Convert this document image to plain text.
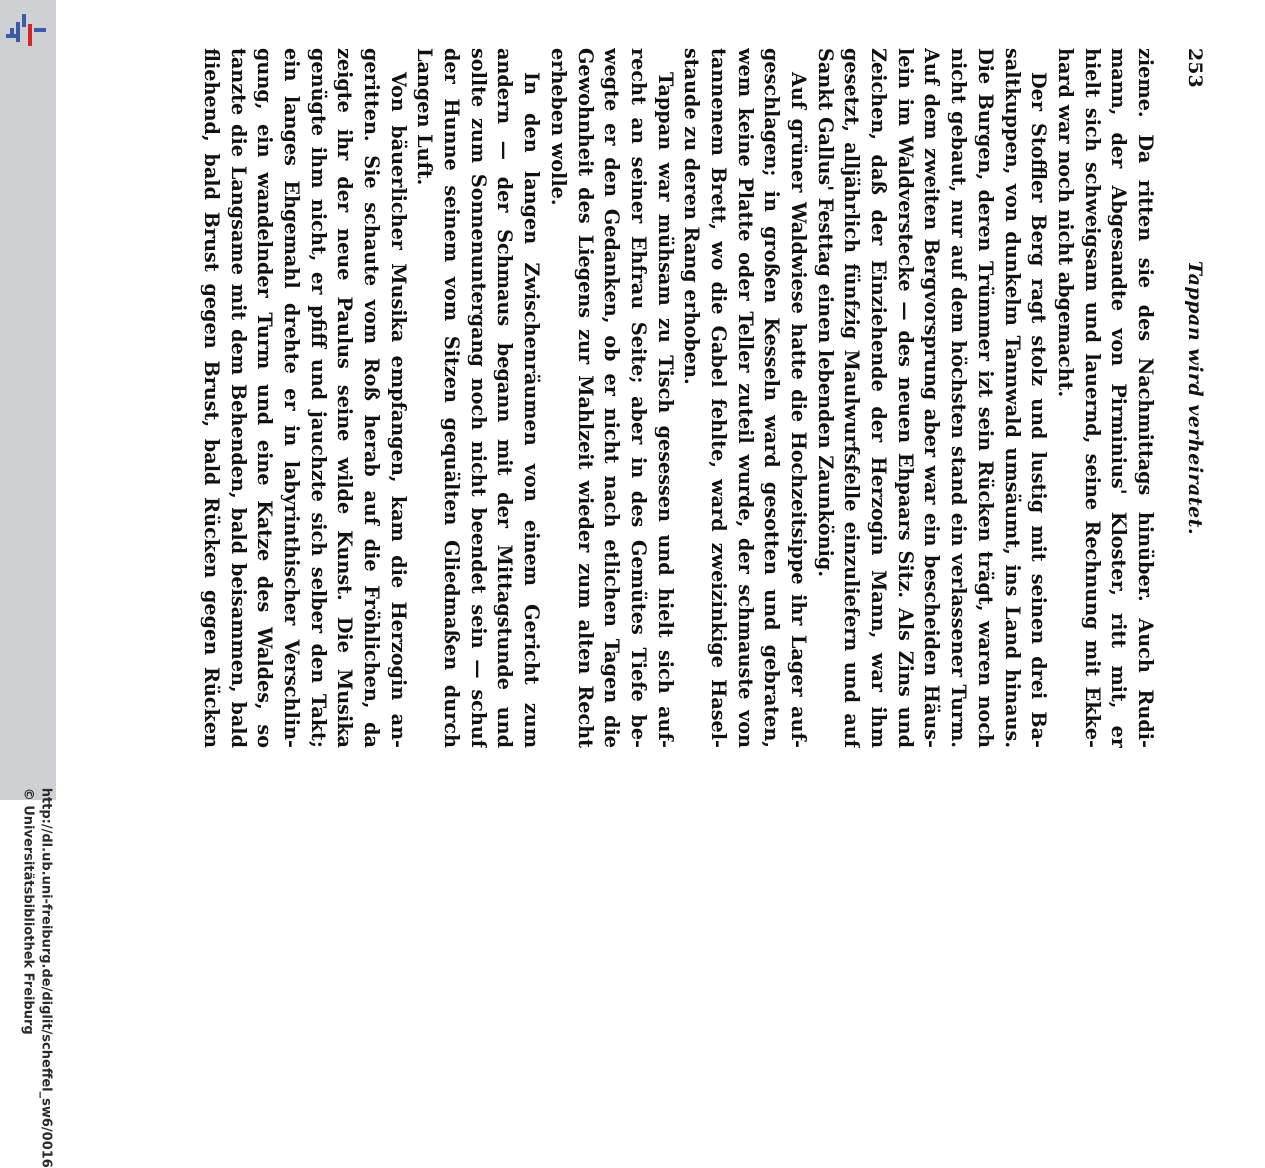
http://dl.ub.uni-freiburg.de/diglit/scheffel_sw6/0016
© Universitätsbibliothek Freiburg
Tappan wird verheiratet.
253
zieme. Da ritten sie des Nachmittags hinüber. Auch Rudi-
mann, der Abgesandte von Pirminius' Kloster, ritt mit, er
hielt sich schweigsam und lauernd, seine Rechnung mit Ekke-
hard war noch nicht abgemacht.
Der Stoffler Berg ragt stolz und lustig mit seinen drei Ba-
saltkuppen, von dunkelm Tannwald umsäumt, ins Land hinaus.
Die Burgen, deren Trümmer izt sein Rücken trägt, waren noch
nicht gebaut, nur auf dem höchsten stand ein verlassener Turm.
Auf dem zweiten Bergvorsprung aber war ein bescheiden Häus-
lein im Waldverstecke — des neuen Ehpaars Sitz. Als Zins und
Zeichen, daß der Einziehende der Herzogin Mann, war ihm
gesetzt, alljährlich fünfzig Maulwurfsfelle einzuliefern und auf
Sankt Gallus' Festtag einen lebenden Zaunkönig.
Auf grüner Waldwiese hatte die Hochzeitsippe ihr Lager auf-
geschlagen; in großen Kesseln ward gesotten und gebraten,
wem keine Platte oder Teller zuteil wurde, der schmauste von
tannenem Brett, wo die Gabel fehlte, ward zweizinkige Hasel-
staude zu deren Rang erhoben.
Tappan war mühsam zu Tisch gesessen und hielt sich auf-
recht an seiner Ehfrau Seite; aber in des Gemütes Tiefe be-
wegte er den Gedanken, ob er nicht nach etlichen Tagen die
Gewohnheit des Liegens zur Mahlzeit wieder zum alten Recht
erheben wolle.
In den langen Zwischenräumen von einem Gericht zum
andern — der Schmaus begann mit der Mittagstunde und
sollte zum Sonnenuntergang noch nicht beendet sein — schuf
der Hunne seinem vom Sitzen gequälten Gliedmaßen durch
Langen Luft.
Von bäuerlicher Musika empfangen, kam die Herzogin an-
geritten. Sie schaute vom Roß herab auf die Fröhlichen, da
zeigte ihr der neue Paulus seine wilde Kunst. Die Musika
genügte ihm nicht, er pfiff und jauchzte sich selber den Takt;
ein langes Ehgemahl drehte er in labyrinthischer Verschlin-
gung, ein wandelnder Turm und eine Katze des Waldes, so
tanzte die Langsame mit dem Behenden, bald beisammen, bald
fliehend, bald Brust gegen Brust, bald Rücken gegen Rücken
